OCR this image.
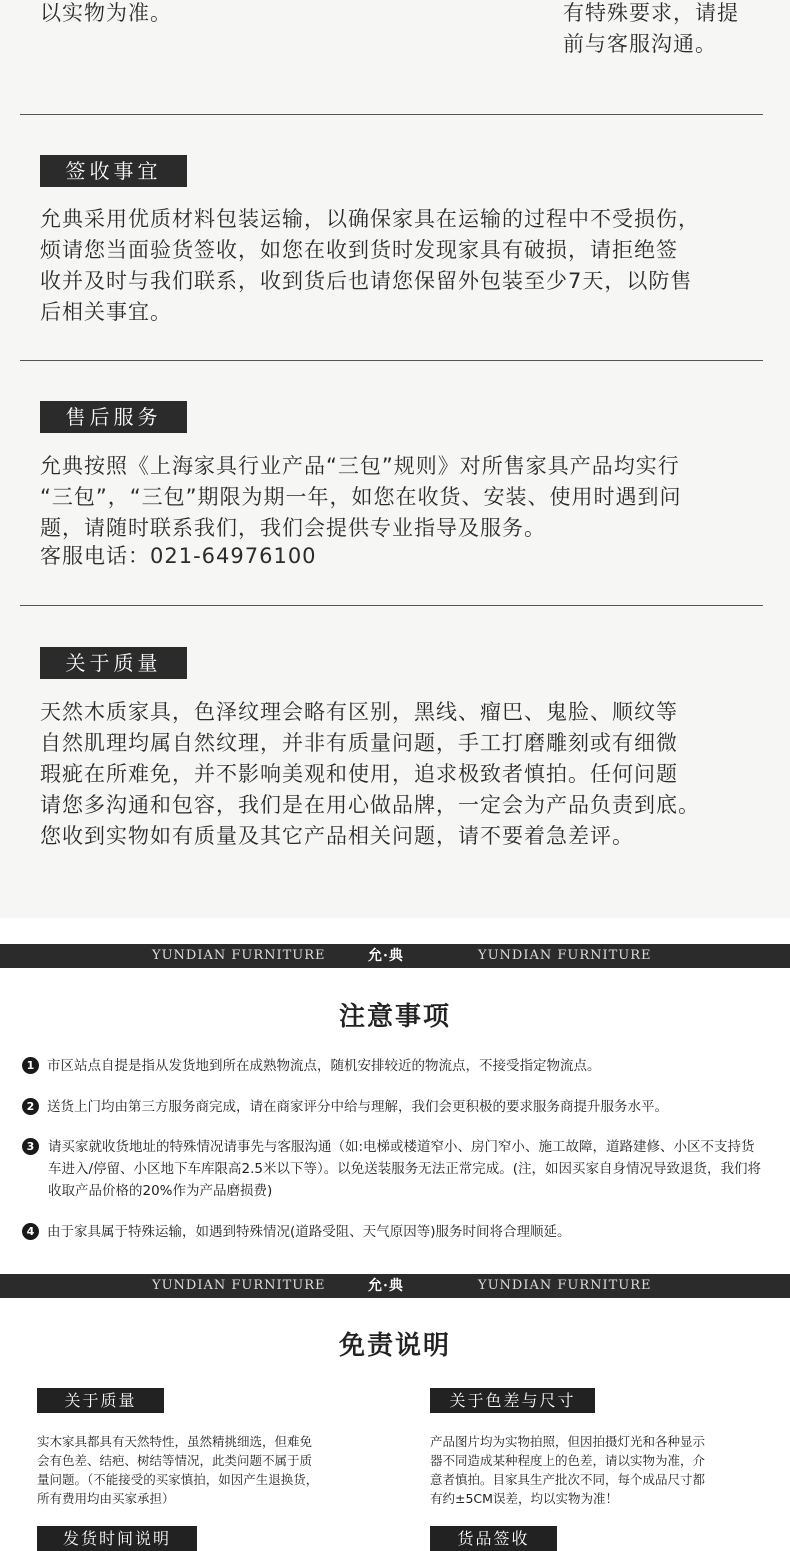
以实物为准。	有特殊要求，请提
前与客服沟通。
签收事宜
允典采用优质材料包装运输，以确保家具在运输的过程中不受损伤，
烦请您当面验货签收，如您在收到货时发现家具有破损，请拒绝签
收并及时与我们联系，收到货后也请您保留外包装至少7天，以防售
后相关事宜。
售后服务
允典按照《上海家具行业产品“三包”规则》对所售家具产品均实行
“三包”，“三包”期限为期一年，如您在收货、安装、使用时遇到问
题，请随时联系我们，我们会提供专业指导及服务。
客服电话：021-64976100
关于质量
天然木质家具，色泽纹理会略有区别，黑线、瘤巴、鬼脸、顺纹等
自然肌理均属自然纹理，并非有质量问题，手工打磨雕刻或有细微
瑕疵在所难免，并不影响美观和使用，追求极致者慎拍。任何问题
请您多沟通和包容，我们是在用心做品牌，一定会为产品负责到底。
您收到实物如有质量及其它产品相关问题，请不要着急差评。
YUNDIAN FURNITURE	允·典	YUNDIAN FURNITURE
注意事项
1 市区站点自提是指从发货地到所在成熟物流点，随机安排较近的物流点，不接受指定物流点。
2 送货上门均由第三方服务商完成，请在商家评分中给与理解，我们会更积极的要求服务商提升服务水平。
3 请买家就收货地址的特殊情况请事先与客服沟通（如:电梯或楼道窄小、房门窄小、施工故障，道路建修、小区不支持货车进入/停留、小区地下车库限高2.5米以下等）。以免送装服务无法正常完成。(注，如因买家自身情况导致退货，我们将收取产品价格的20%作为产品磨损费)
4 由于家具属于特殊运输，如遇到特殊情况(道路受阻、天气原因等)服务时间将合理顺延。
YUNDIAN FURNITURE	允·典	YUNDIAN FURNITURE
免责说明
关于质量
实木家具都具有天然特性，虽然精挑细选，但难免
会有色差、结疤、树结等情况，此类问题不属于质
量问题。（不能接受的买家慎拍，如因产生退换货，
所有费用均由买家承担）
关于色差与尺寸
产品图片均为实物拍照，但因拍摄灯光和各种显示
器不同造成某种程度上的色差，请以实物为准，介
意者慎拍。目家具生产批次不同，每个成品尺寸都
有约±5CM误差，均以实物为准！
发货时间说明	货品签收
